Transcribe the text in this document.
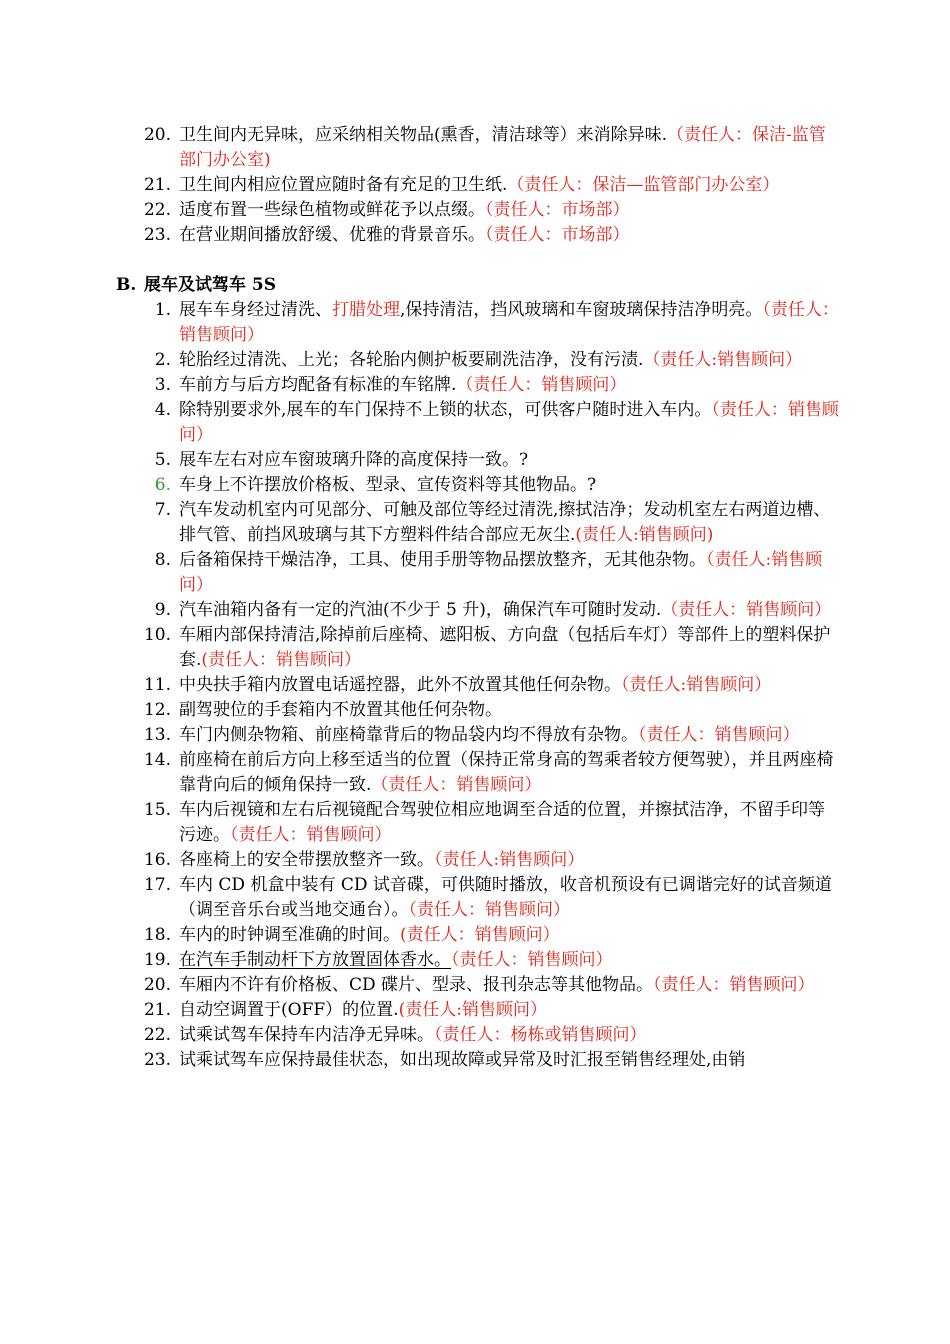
20. 卫生间内无异味，应采纳相关物品(熏香，清洁球等）来消除异味.（责任人：保洁-监管部门办公室)
21. 卫生间内相应位置应随时备有充足的卫生纸.（责任人：保洁—监管部门办公室）
22. 适度布置一些绿色植物或鲜花予以点缀。（责任人：市场部）
23. 在营业期间播放舒缓、优雅的背景音乐。（责任人：市场部）
B. 展车及试驾车 5S
1. 展车车身经过清洗、打腊处理,保持清洁，挡风玻璃和车窗玻璃保持洁净明亮。（责任人：销售顾问）
2. 轮胎经过清洗、上光；各轮胎内侧护板要刷洗洁净，没有污渍.（责任人:销售顾问）
3. 车前方与后方均配备有标准的车铭牌.（责任人：销售顾问）
4. 除特别要求外,展车的车门保持不上锁的状态，可供客户随时进入车内。（责任人：销售顾问）
5. 展车左右对应车窗玻璃升降的高度保持一致。?
6. 车身上不许摆放价格板、型录、宣传资料等其他物品。?
7. 汽车发动机室内可见部分、可触及部位等经过清洗,擦拭洁净；发动机室左右两道边槽、排气管、前挡风玻璃与其下方塑料件结合部应无灰尘.(责任人:销售顾问)
8. 后备箱保持干燥洁净，工具、使用手册等物品摆放整齐，无其他杂物。（责任人:销售顾问）
9. 汽车油箱内备有一定的汽油(不少于 5 升)，确保汽车可随时发动.（责任人：销售顾问）
10. 车厢内部保持清洁,除掉前后座椅、遮阳板、方向盘（包括后车灯）等部件上的塑料保护套.(责任人：销售顾问）
11. 中央扶手箱内放置电话遥控器，此外不放置其他任何杂物。（责任人:销售顾问）
12. 副驾驶位的手套箱内不放置其他任何杂物。
13. 车门内侧杂物箱、前座椅靠背后的物品袋内均不得放有杂物。（责任人：销售顾问）
14. 前座椅在前后方向上移至适当的位置（保持正常身高的驾乘者较方便驾驶），并且两座椅靠背向后的倾角保持一致.（责任人：销售顾问）
15. 车内后视镜和左右后视镜配合驾驶位相应地调至合适的位置，并擦拭洁净，不留手印等污迹。（责任人：销售顾问）
16. 各座椅上的安全带摆放整齐一致。（责任人:销售顾问）
17. 车内 CD 机盒中装有 CD 试音碟，可供随时播放，收音机预设有已调谐完好的试音频道（调至音乐台或当地交通台）。（责任人：销售顾问）
18. 车内的时钟调至准确的时间。(责任人：销售顾问）
19. 在汽车手制动杆下方放置固体香水。（责任人：销售顾问）
20. 车厢内不许有价格板、CD 碟片、型录、报刊杂志等其他物品。（责任人：销售顾问）
21. 自动空调置于(OFF）的位置.(责任人:销售顾问）
22. 试乘试驾车保持车内洁净无异味。（责任人：杨栋或销售顾问）
23. 试乘试驾车应保持最佳状态，如出现故障或异常及时汇报至销售经理处,由销
